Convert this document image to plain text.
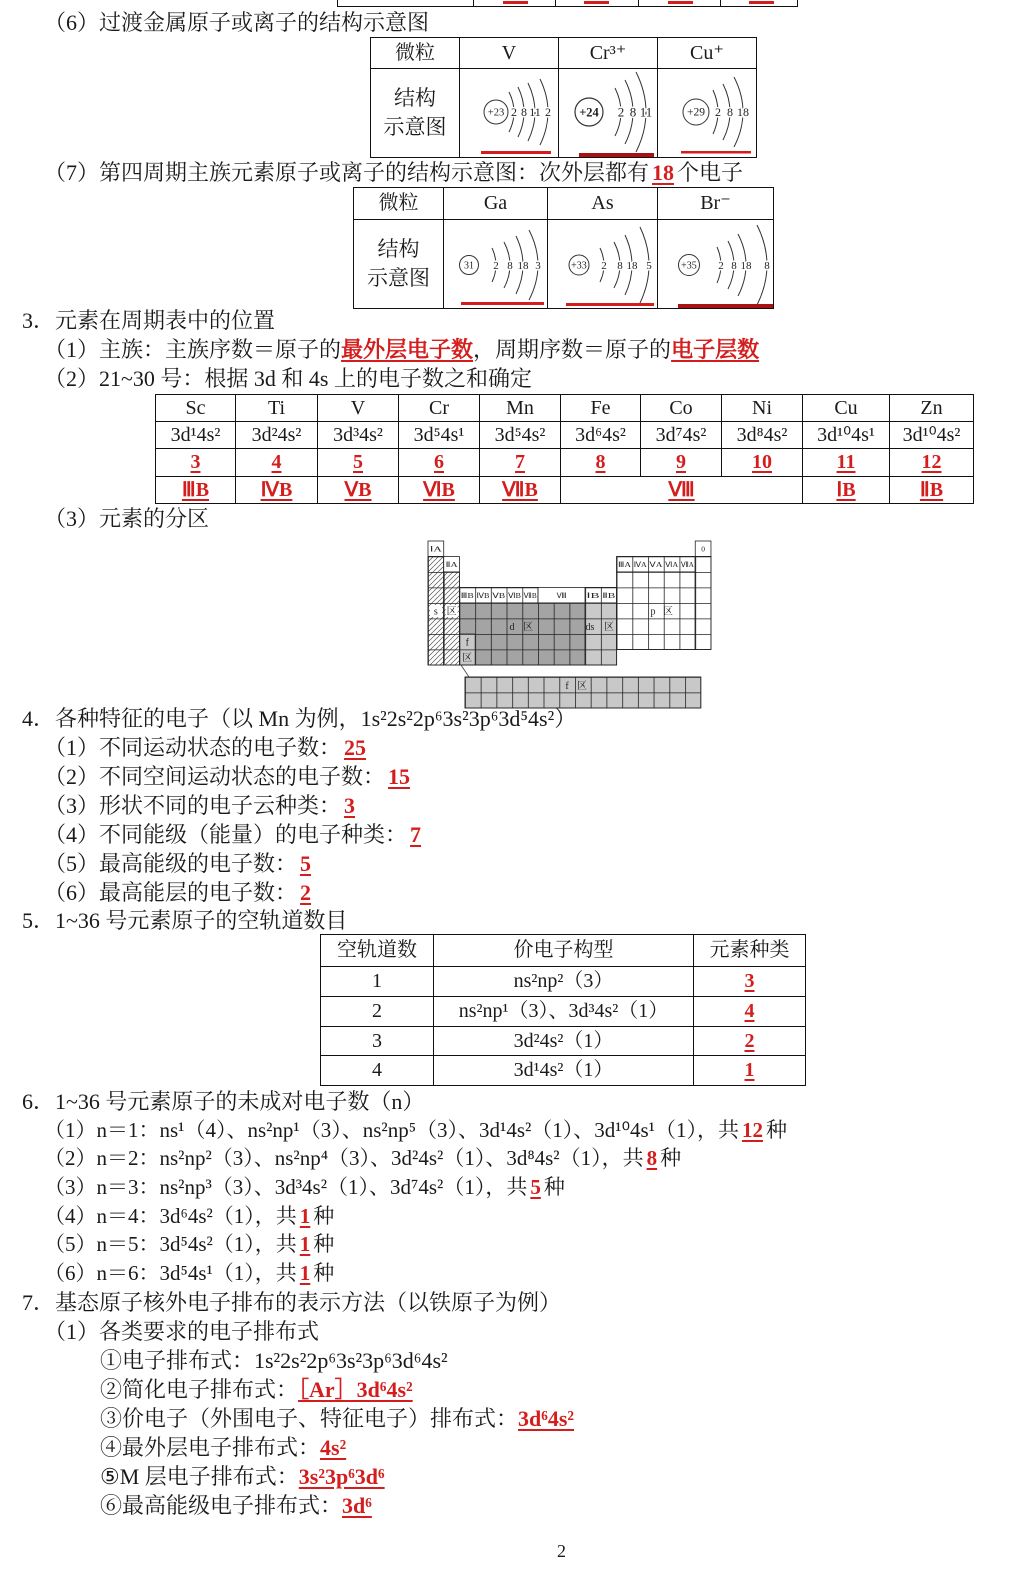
（6）过渡金属原子或离子的结构示意图
微粒	V	Cr³⁺	Cu⁺

结构
示意图	+23 2 8 11 2	+24 2 8 11	+29 2 8 18
（7）第四周期主族元素原子或离子的结构示意图：次外层都有 18 个电子
微粒	Ga	As	Br⁻

结构
示意图	31 2 8 18 3	+33 2 8 18 5	+35 2 8 18 8
3．元素在周期表中的位置
（1）主族：主族序数＝原子的最外层电子数，周期序数＝原子的电子层数
（2）21~30 号：根据 3d 和 4s 上的电子数之和确定
Sc	Ti	V	Cr	Mn	Fe	Co	Ni	Cu	Zn
3d¹4s²	3d²4s²	3d³4s²	3d⁵4s¹	3d⁵4s²	3d⁶4s²	3d⁷4s²	3d⁸4s²	3d¹⁰4s¹	3d¹⁰4s²
3	4	5	6	7	8	9	10	11	12
ⅢB	ⅣB	ⅤB	ⅥB	ⅦB	Ⅷ			ⅠB	ⅡB
（3）元素的分区
ⅠA
ⅡA
ⅢB ⅣB ⅤB ⅥB ⅦB	Ⅷ	ⅠB ⅡB
ⅢA ⅣA ⅤA ⅥA ⅦA
0
s 区
d 区	ds 区
p 区
f
区
f 区
4．各种特征的电子（以 Mn 为例，1s²2s²2p⁶3s²3p⁶3d⁵4s²）
（1）不同运动状态的电子数： 25
（2）不同空间运动状态的电子数： 15
（3）形状不同的电子云种类： 3
（4）不同能级（能量）的电子种类： 7
（5）最高能级的电子数： 5
（6）最高能层的电子数： 2
5．1~36 号元素原子的空轨道数目
空轨道数	价电子构型	元素种类
1	ns²np²（3）	3
2	ns²np¹（3）、3d³4s²（1）	4
3	3d²4s²（1）	2
4	3d¹4s²（1）	1
6．1~36 号元素原子的未成对电子数（n）
（1）n＝1：ns¹（4）、ns²np¹（3）、ns²np⁵（3）、3d¹4s²（1）、3d¹⁰4s¹（1），共 12 种
（2）n＝2：ns²np²（3）、ns²np⁴（3）、3d²4s²（1）、3d⁸4s²（1），共 8 种
（3）n＝3：ns²np³（3）、3d³4s²（1）、3d⁷4s²（1），共 5 种
（4）n＝4：3d⁶4s²（1），共 1 种
（5）n＝5：3d⁵4s²（1），共 1 种
（6）n＝6：3d⁵4s¹（1），共 1 种
7．基态原子核外电子排布的表示方法（以铁原子为例）
（1）各类要求的电子排布式
①电子排布式：1s²2s²2p⁶3s²3p⁶3d⁶4s²
②简化电子排布式：［Ar］3d⁶4s²
③价电子（外围电子、特征电子）排布式：3d⁶4s²
④最外层电子排布式：4s²
⑤M 层电子排布式：3s²3p⁶3d⁶
⑥最高能级电子排布式：3d⁶
2
